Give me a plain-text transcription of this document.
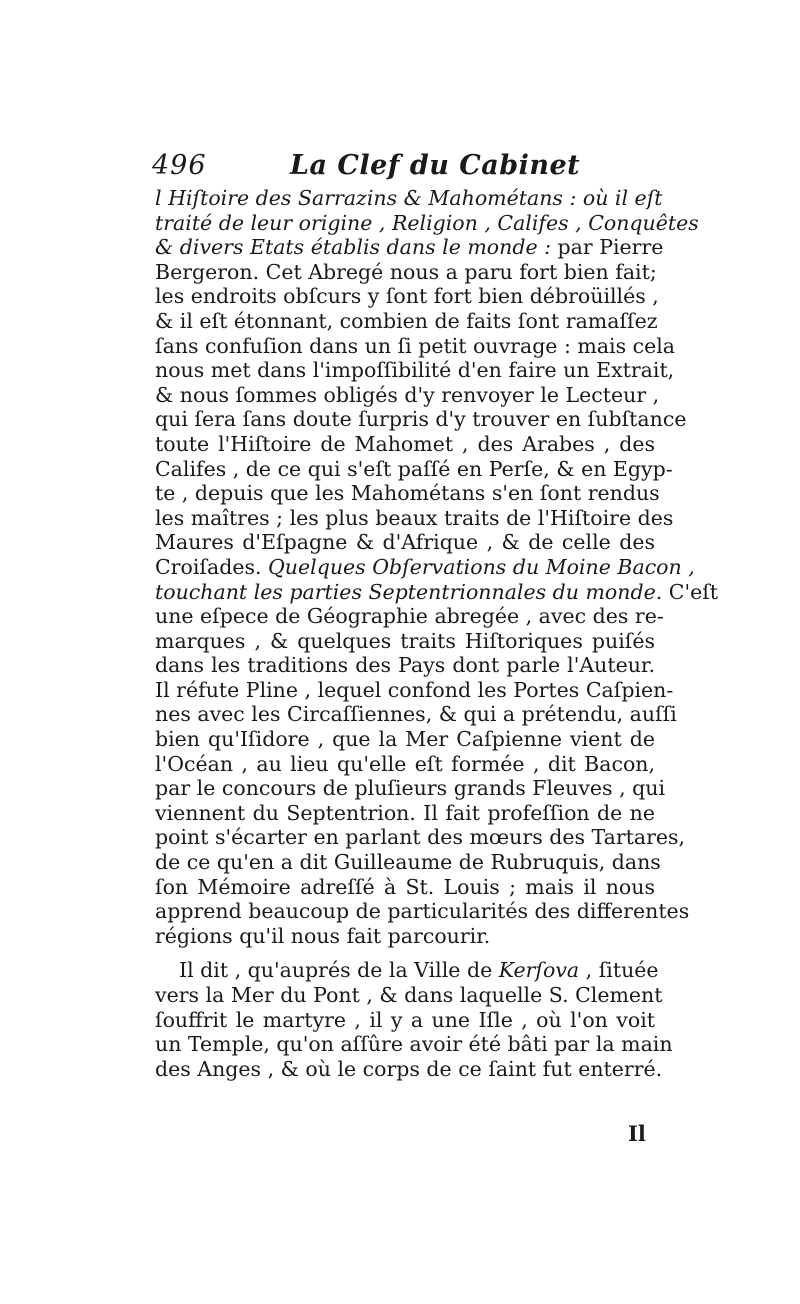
496	La Clef du Cabinet
l Hiſtoire des Sarrazins & Mahométans : où il eſt
traité de leur origine , Religion , Califes , Conquêtes
& divers Etats établis dans le monde : par Pierre
Bergeron. Cet Abregé nous a paru fort bien fait;
les endroits obſcurs y ſont fort bien débroüillés ,
& il eſt étonnant, combien de faits ſont ramaſſez
ſans confuſion dans un ſi petit ouvrage : mais cela
nous met dans l'impoſſibilité d'en faire un Extrait,
& nous ſommes obligés d'y renvoyer le Lecteur ,
qui ſera ſans doute ſurpris d'y trouver en ſubſtance
toute l'Hiſtoire de Mahomet , des Arabes , des
Califes , de ce qui s'eſt paſſé en Perſe, & en Egyp-
te , depuis que les Mahométans s'en ſont rendus
les maîtres ; les plus beaux traits de l'Hiſtoire des
Maures d'Eſpagne & d'Afrique , & de celle des
Croiſades. Quelques Obſervations du Moine Bacon ,
touchant les parties Septentrionnales du monde. C'eſt
une eſpece de Géographie abregée , avec des re-
marques , & quelques traits Hiſtoriques puiſés
dans les traditions des Pays dont parle l'Auteur.
Il réfute Pline , lequel confond les Portes Caſpien-
nes avec les Circaſſiennes, & qui a prétendu, auſſi
bien qu'Iſidore , que la Mer Caſpienne vient de
l'Océan , au lieu qu'elle eſt formée , dit Bacon,
par le concours de pluſieurs grands Fleuves , qui
viennent du Septentrion. Il fait profeſſion de ne
point s'écarter en parlant des mœurs des Tartares,
de ce qu'en a dit Guilleaume de Rubruquis, dans
ſon Mémoire adreſſé à St. Louis ; mais il nous
apprend beaucoup de particularités des differentes
régions qu'il nous fait parcourir.
Il dit , qu'auprés de la Ville de Kerſova , ſituée
vers la Mer du Pont , & dans laquelle S. Clement
ſouffrit le martyre , il y a une Iſle , où l'on voit
un Temple, qu'on aſſûre avoir été bâti par la main
des Anges , & où le corps de ce ſaint fut enterré.
Il
